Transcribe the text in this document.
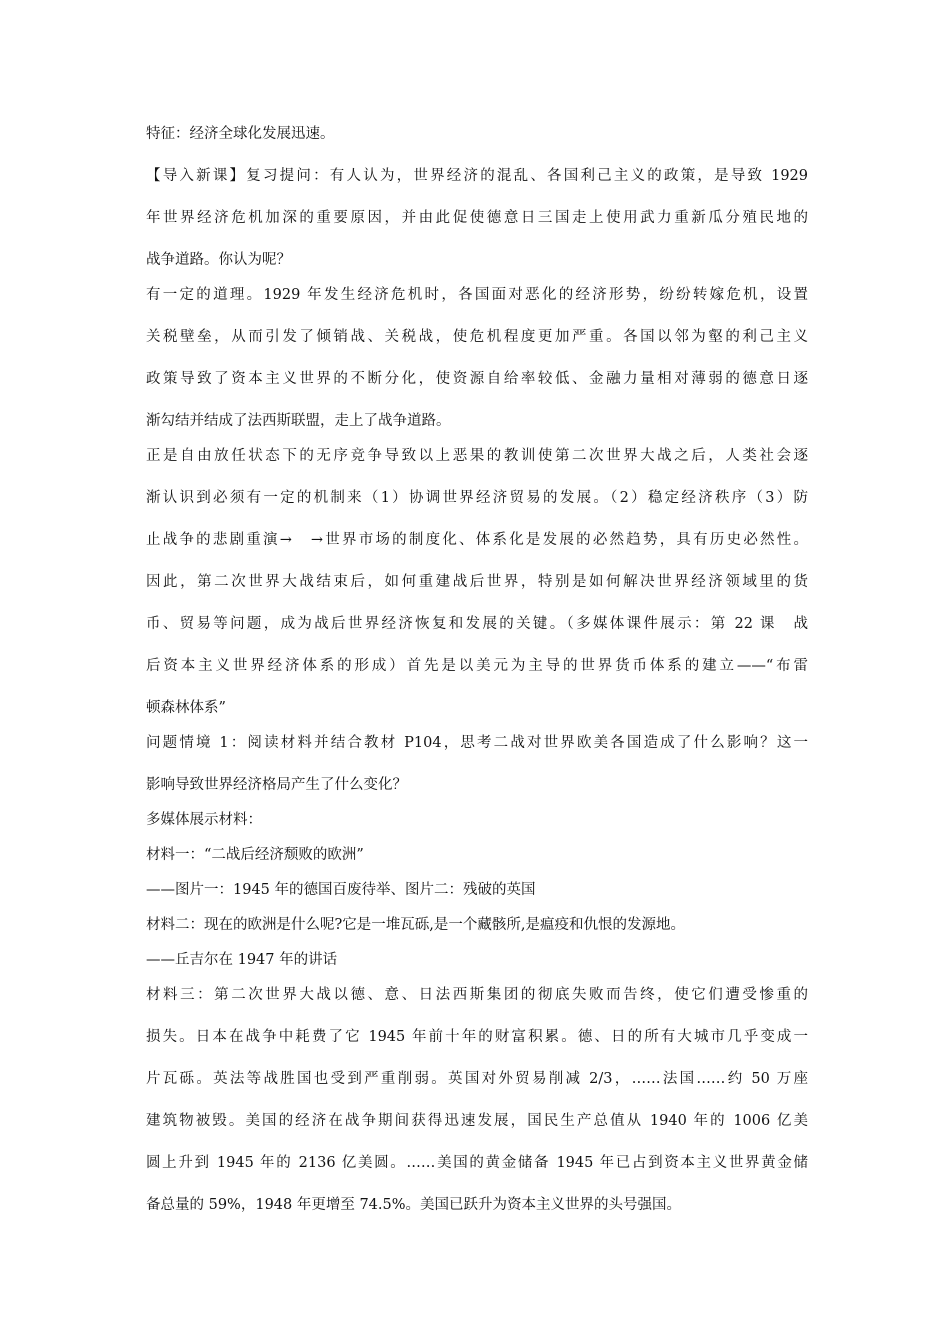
特征：经济全球化发展迅速。
【导入新课】复习提问：有人认为，世界经济的混乱、各国利己主义的政策，是导致 1929
年世界经济危机加深的重要原因，并由此促使德意日三国走上使用武力重新瓜分殖民地的
战争道路。你认为呢？
有一定的道理。1929 年发生经济危机时，各国面对恶化的经济形势，纷纷转嫁危机，设置
关税壁垒，从而引发了倾销战、关税战，使危机程度更加严重。各国以邻为壑的利己主义
政策导致了资本主义世界的不断分化，使资源自给率较低、金融力量相对薄弱的德意日逐
渐勾结并结成了法西斯联盟，走上了战争道路。
正是自由放任状态下的无序竞争导致以上恶果的教训使第二次世界大战之后，人类社会逐
渐认识到必须有一定的机制来（1）协调世界经济贸易的发展。（2）稳定经济秩序（3）防
止战争的悲剧重演→　→世界市场的制度化、体系化是发展的必然趋势，具有历史必然性。
因此，第二次世界大战结束后，如何重建战后世界，特别是如何解决世界经济领域里的货
币、贸易等问题，成为战后世界经济恢复和发展的关键。（多媒体课件展示：第 22 课　战
后资本主义世界经济体系的形成）首先是以美元为主导的世界货币体系的建立——“布雷
顿森林体系”
问题情境 1：阅读材料并结合教材 P104，思考二战对世界欧美各国造成了什么影响？这一
影响导致世界经济格局产生了什么变化？
多媒体展示材料：
材料一：“二战后经济颓败的欧洲”
——图片一：1945 年的德国百废待举、图片二：残破的英国
材料二：现在的欧洲是什么呢?它是一堆瓦砾,是一个藏骸所,是瘟疫和仇恨的发源地。
——丘吉尔在 1947 年的讲话
材料三：第二次世界大战以德、意、日法西斯集团的彻底失败而告终，使它们遭受惨重的
损失。日本在战争中耗费了它 1945 年前十年的财富积累。德、日的所有大城市几乎变成一
片瓦砾。英法等战胜国也受到严重削弱。英国对外贸易削减 2/3，……法国……约 50 万座
建筑物被毁。美国的经济在战争期间获得迅速发展，国民生产总值从 1940 年的 1006 亿美
圆上升到 1945 年的 2136 亿美圆。……美国的黄金储备 1945 年已占到资本主义世界黄金储
备总量的 59%，1948 年更增至 74.5%。美国已跃升为资本主义世界的头号强国。
